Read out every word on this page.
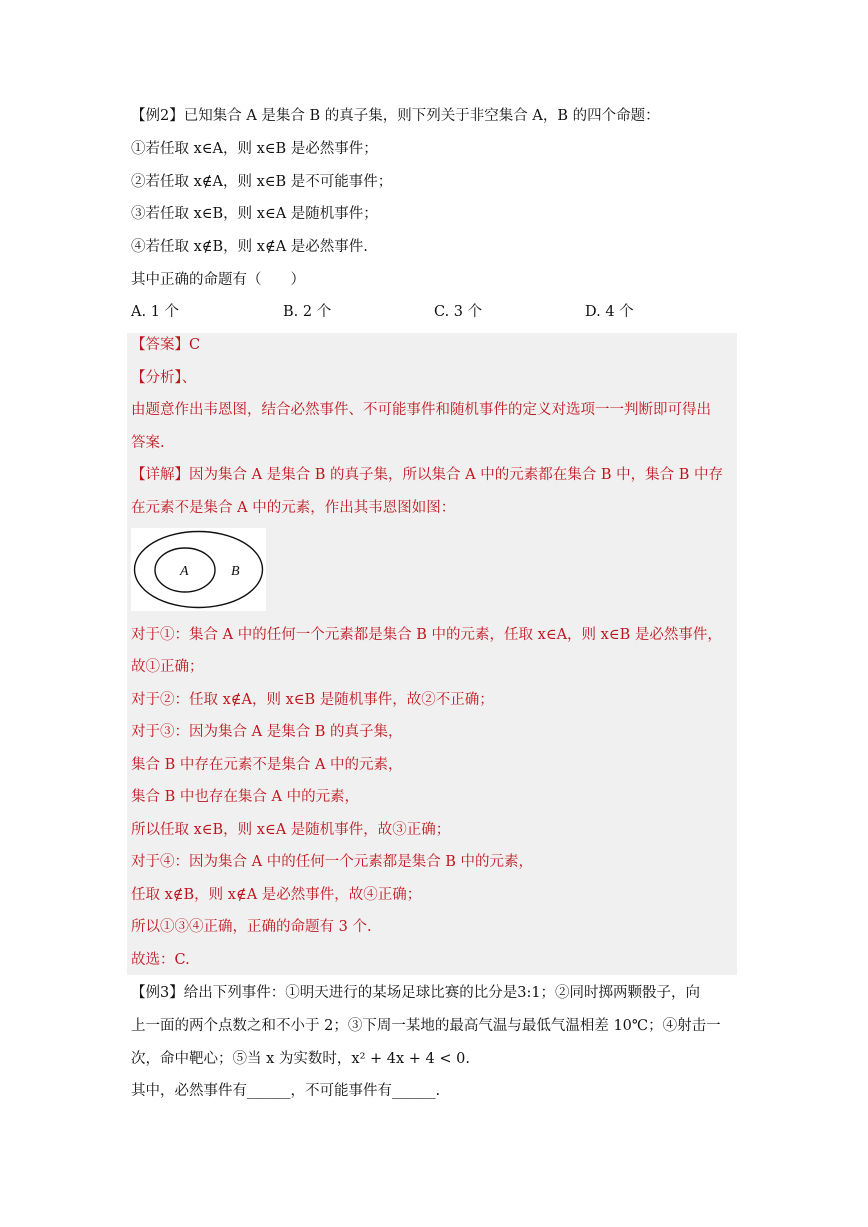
【例2】已知集合 A 是集合 B 的真子集，则下列关于非空集合 A，B 的四个命题：
①若任取 x∈A，则 x∈B 是必然事件；
②若任取 x∉A，则 x∈B 是不可能事件；
③若任取 x∈B，则 x∈A 是随机事件；
④若任取 x∉B，则 x∉A 是必然事件.
其中正确的命题有（　　）
A. 1 个	B. 2 个	C. 3 个	D. 4 个
【答案】C
【分析】、
由题意作出韦恩图，结合必然事件、不可能事件和随机事件的定义对选项一一判断即可得出
答案.
【详解】因为集合 A 是集合 B 的真子集，所以集合 A 中的元素都在集合 B 中，集合 B 中存
在元素不是集合 A 中的元素，作出其韦恩图如图：
A	B
对于①：集合 A 中的任何一个元素都是集合 B 中的元素，任取 x∈A，则 x∈B 是必然事件，
故①正确；
对于②：任取 x∉A，则 x∈B 是随机事件，故②不正确；
对于③：因为集合 A 是集合 B 的真子集，
集合 B 中存在元素不是集合 A 中的元素，
集合 B 中也存在集合 A 中的元素，
所以任取 x∈B，则 x∈A 是随机事件，故③正确；
对于④：因为集合 A 中的任何一个元素都是集合 B 中的元素，
任取 x∉B，则 x∉A 是必然事件，故④正确；
所以①③④正确，正确的命题有 3 个.
故选：C.
【例3】给出下列事件：①明天进行的某场足球比赛的比分是3:1；②同时掷两颗骰子，向
上一面的两个点数之和不小于 2；③下周一某地的最高气温与最低气温相差 10℃；④射击一
次，命中靶心；⑤当 x 为实数时，x² + 4x + 4 < 0.
其中，必然事件有______，不可能事件有______.
